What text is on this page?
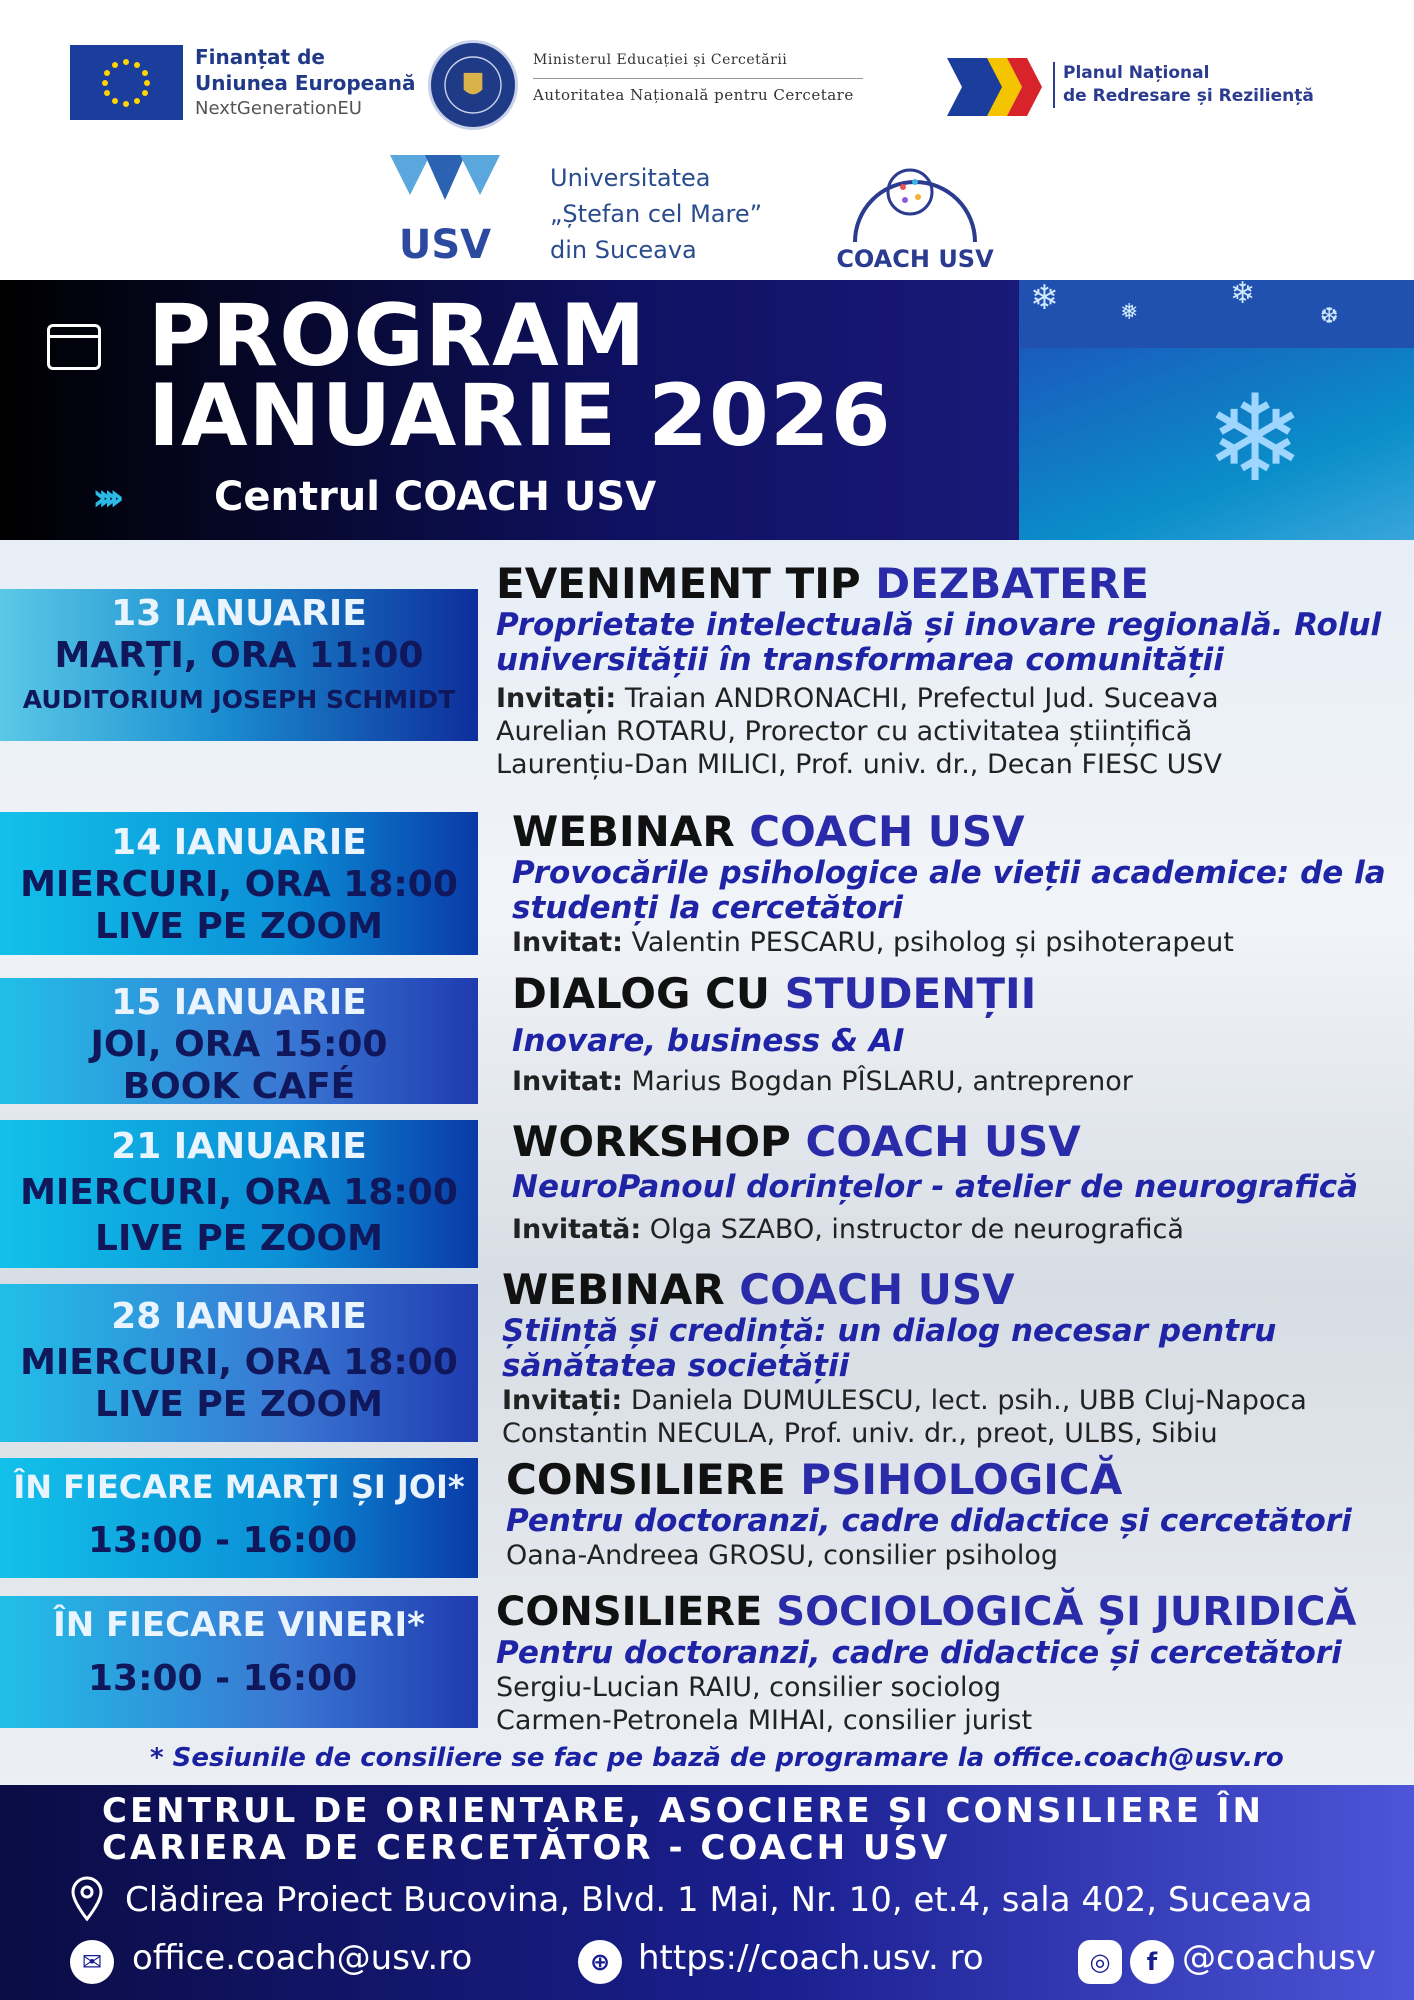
Finanțat de
Uniunea Europeană
NextGenerationEU
Ministerul Educației și Cercetării
Autoritatea Națională pentru Cercetare
Planul Național
de Redresare și Reziliență
USV
Universitatea
„Ștefan cel Mare”
din Suceava	COACH USV
❄	❅
❄
❆
❄
PROGRAM
IANUARIE 2026
›››› Centrul COACH USV
13 IANUARIE
MARȚI, ORA 11:00
AUDITORIUM JOSEPH SCHMIDT
EVENIMENT TIP DEZBATERE
Proprietate intelectuală și inovare regională. Rolul universității în transformarea comunității
Invitați: Traian ANDRONACHI, Prefectul Jud. Suceava
Aurelian ROTARU, Prorector cu activitatea științifică
Laurențiu-Dan MILICI, Prof. univ. dr., Decan FIESC USV
14 IANUARIE
MIERCURI, ORA 18:00
LIVE PE ZOOM
WEBINAR COACH USV
Provocările psihologice ale vieții academice: de la studenți la cercetători
Invitat: Valentin PESCARU, psiholog și psihoterapeut
15 IANUARIE
JOI, ORA 15:00
BOOK CAFÉ
DIALOG CU STUDENȚII
Inovare, business & AI
Invitat: Marius Bogdan PÎSLARU, antreprenor
21 IANUARIE
MIERCURI, ORA 18:00
LIVE PE ZOOM
WORKSHOP COACH USV
NeuroPanoul dorințelor - atelier de neurografică
Invitată: Olga SZABO, instructor de neurografică
28 IANUARIE
MIERCURI, ORA 18:00
LIVE PE ZOOM
WEBINAR COACH USV
Știință și credință: un dialog necesar pentru sănătatea societății
Invitați: Daniela DUMULESCU, lect. psih., UBB Cluj-Napoca
Constantin NECULA, Prof. univ. dr., preot, ULBS, Sibiu
ÎN FIECARE MARȚI ȘI JOI*
13:00 - 16:00
CONSILIERE PSIHOLOGICĂ
Pentru doctoranzi, cadre didactice și cercetători
Oana-Andreea GROSU, consilier psiholog
ÎN FIECARE VINERI*
13:00 - 16:00
CONSILIERE SOCIOLOGICĂ ȘI JURIDICĂ
Pentru doctoranzi, cadre didactice și cercetători
Sergiu-Lucian RAIU, consilier sociolog
Carmen-Petronela MIHAI, consilier jurist
* Sesiunile de consiliere se fac pe bază de programare la office.coach@usv.ro
CENTRUL DE ORIENTARE, ASOCIERE ȘI CONSILIERE ÎN
CARIERA DE CERCETĂTOR - COACH USV
Clădirea Proiect Bucovina, Blvd. 1 Mai, Nr. 10, et.4, sala 402, Suceava
✉ office.coach@usv.ro	⊕ https://coach.usv. ro	◎	f @coachusv
